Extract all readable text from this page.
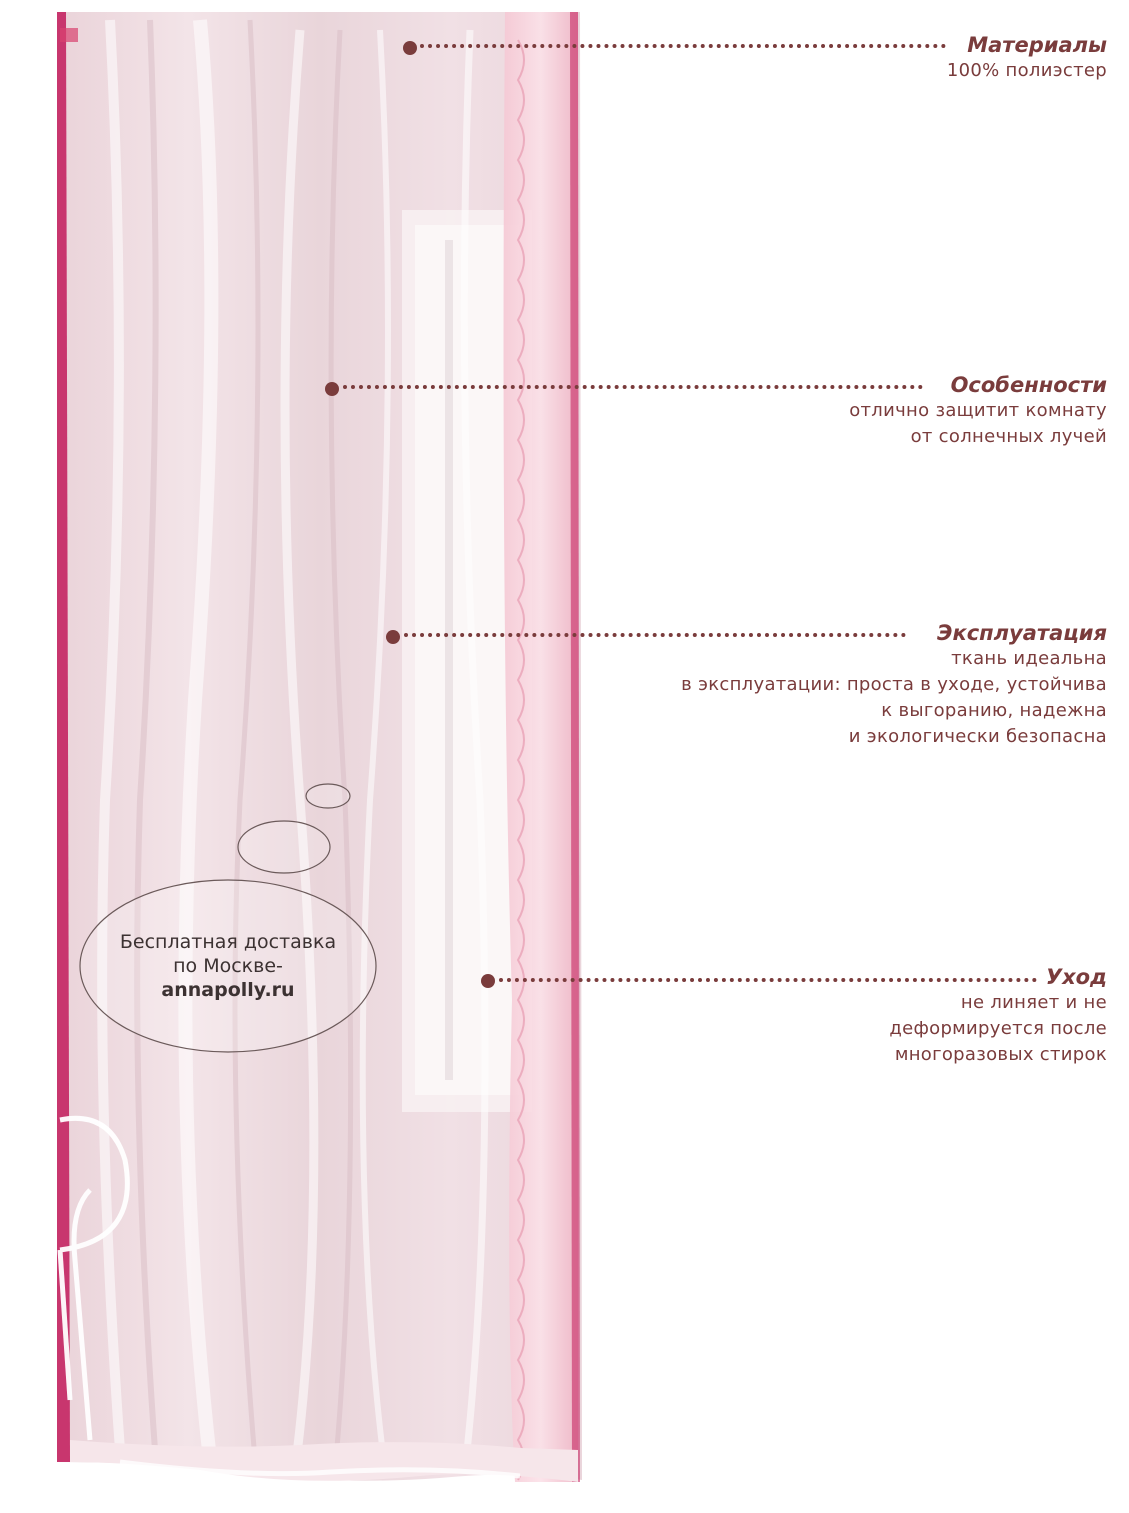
Бесплатная доставка
по Москве-
annapolly.ru
Материалы
100% полиэстер
Особенности
отлично защитит комнату
от солнечных лучей
Эксплуатация
ткань идеальна
в эксплуатации: проста в уходе, устойчива
к выгоранию, надежна
и экологически безопасна
Уход
не линяет и не
деформируется после
многоразовых стирок
